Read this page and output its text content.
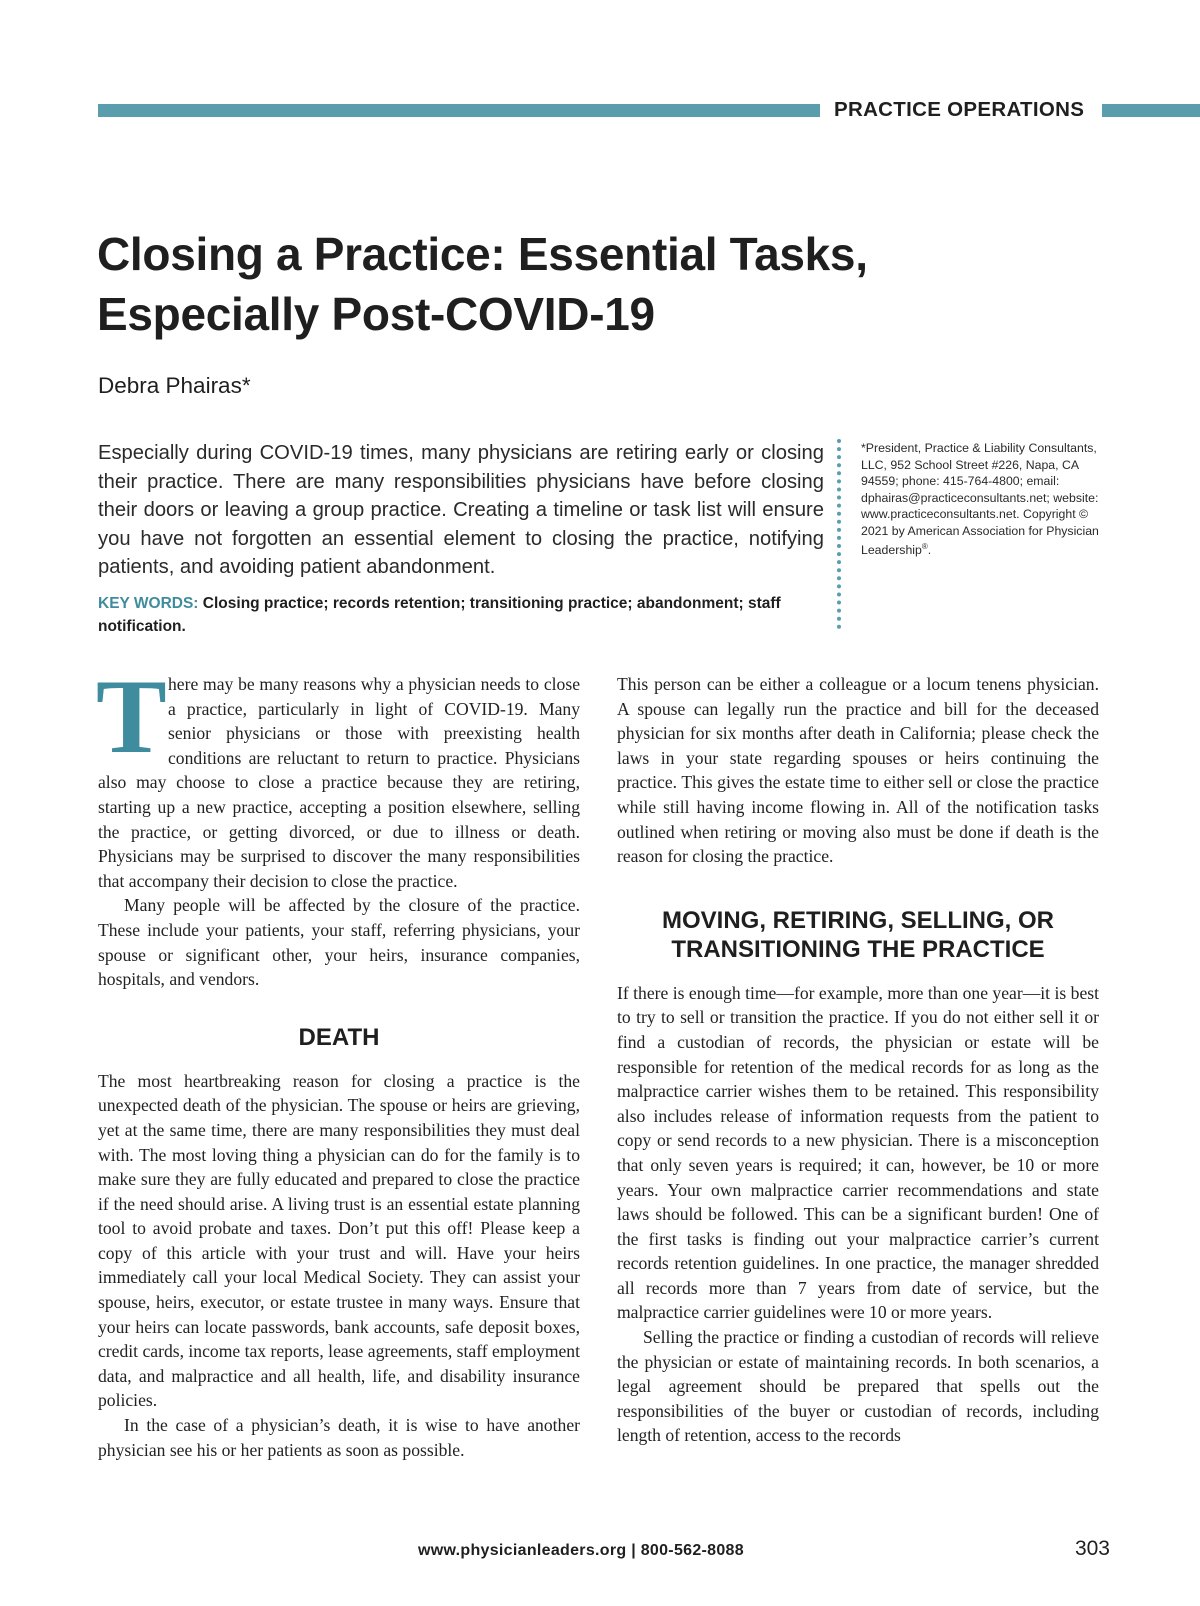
PRACTICE OPERATIONS
Closing a Practice: Essential Tasks, Especially Post-COVID-19
Debra Phairas*

Especially during COVID-19 times, many physicians are retiring early or closing their practice. There are many responsibilities physicians have before closing their doors or leaving a group practice. Creating a timeline or task list will ensure you have not forgotten an essential element to closing the practice, notifying patients, and avoiding patient abandonment.

KEY WORDS: Closing practice; records retention; transitioning practice; abandonment; staff notification.

*President, Practice & Liability Consultants, LLC, 952 School Street #226, Napa, CA 94559; phone: 415-764-4800; email: dphairas@practiceconsultants.net; website: www.practiceconsultants.net. Copyright © 2021 by American Association for Physician Leadership®.

There may be many reasons why a physician needs to close a practice, particularly in light of COVID-19. Many senior physicians or those with preexisting health conditions are reluctant to return to practice. Physicians also may choose to close a practice because they are retiring, starting up a new practice, accepting a position elsewhere, selling the practice, or getting divorced, or due to illness or death. Physicians may be surprised to discover the many responsibilities that accompany their decision to close the practice.

Many people will be affected by the closure of the practice. These include your patients, your staff, referring physicians, your spouse or significant other, your heirs, insurance companies, hospitals, and vendors.

DEATH

The most heartbreaking reason for closing a practice is the unexpected death of the physician. The spouse or heirs are grieving, yet at the same time, there are many responsibilities they must deal with. The most loving thing a physician can do for the family is to make sure they are fully educated and prepared to close the practice if the need should arise. A living trust is an essential estate planning tool to avoid probate and taxes. Don’t put this off! Please keep a copy of this article with your trust and will. Have your heirs immediately call your local Medical Society. They can assist your spouse, heirs, executor, or estate trustee in many ways. Ensure that your heirs can locate passwords, bank accounts, safe deposit boxes, credit cards, income tax reports, lease agreements, staff employment data, and malpractice and all health, life, and disability insurance policies.

In the case of a physician’s death, it is wise to have another physician see his or her patients as soon as possible.

This person can be either a colleague or a locum tenens physician. A spouse can legally run the practice and bill for the deceased physician for six months after death in California; please check the laws in your state regarding spouses or heirs continuing the practice. This gives the estate time to either sell or close the practice while still having income flowing in. All of the notification tasks outlined when retiring or moving also must be done if death is the reason for closing the practice.

MOVING, RETIRING, SELLING, OR TRANSITIONING THE PRACTICE

If there is enough time—for example, more than one year—it is best to try to sell or transition the practice. If you do not either sell it or find a custodian of records, the physician or estate will be responsible for retention of the medical records for as long as the malpractice carrier wishes them to be retained. This responsibility also includes release of information requests from the patient to copy or send records to a new physician. There is a misconception that only seven years is required; it can, however, be 10 or more years. Your own malpractice carrier recommendations and state laws should be followed. This can be a significant burden! One of the first tasks is finding out your malpractice carrier’s current records retention guidelines. In one practice, the manager shredded all records more than 7 years from date of service, but the malpractice carrier guidelines were 10 or more years.

Selling the practice or finding a custodian of records will relieve the physician or estate of maintaining records. In both scenarios, a legal agreement should be prepared that spells out the responsibilities of the buyer or custodian of records, including length of retention, access to the records

www.physicianleaders.org | 800-562-8088	303
